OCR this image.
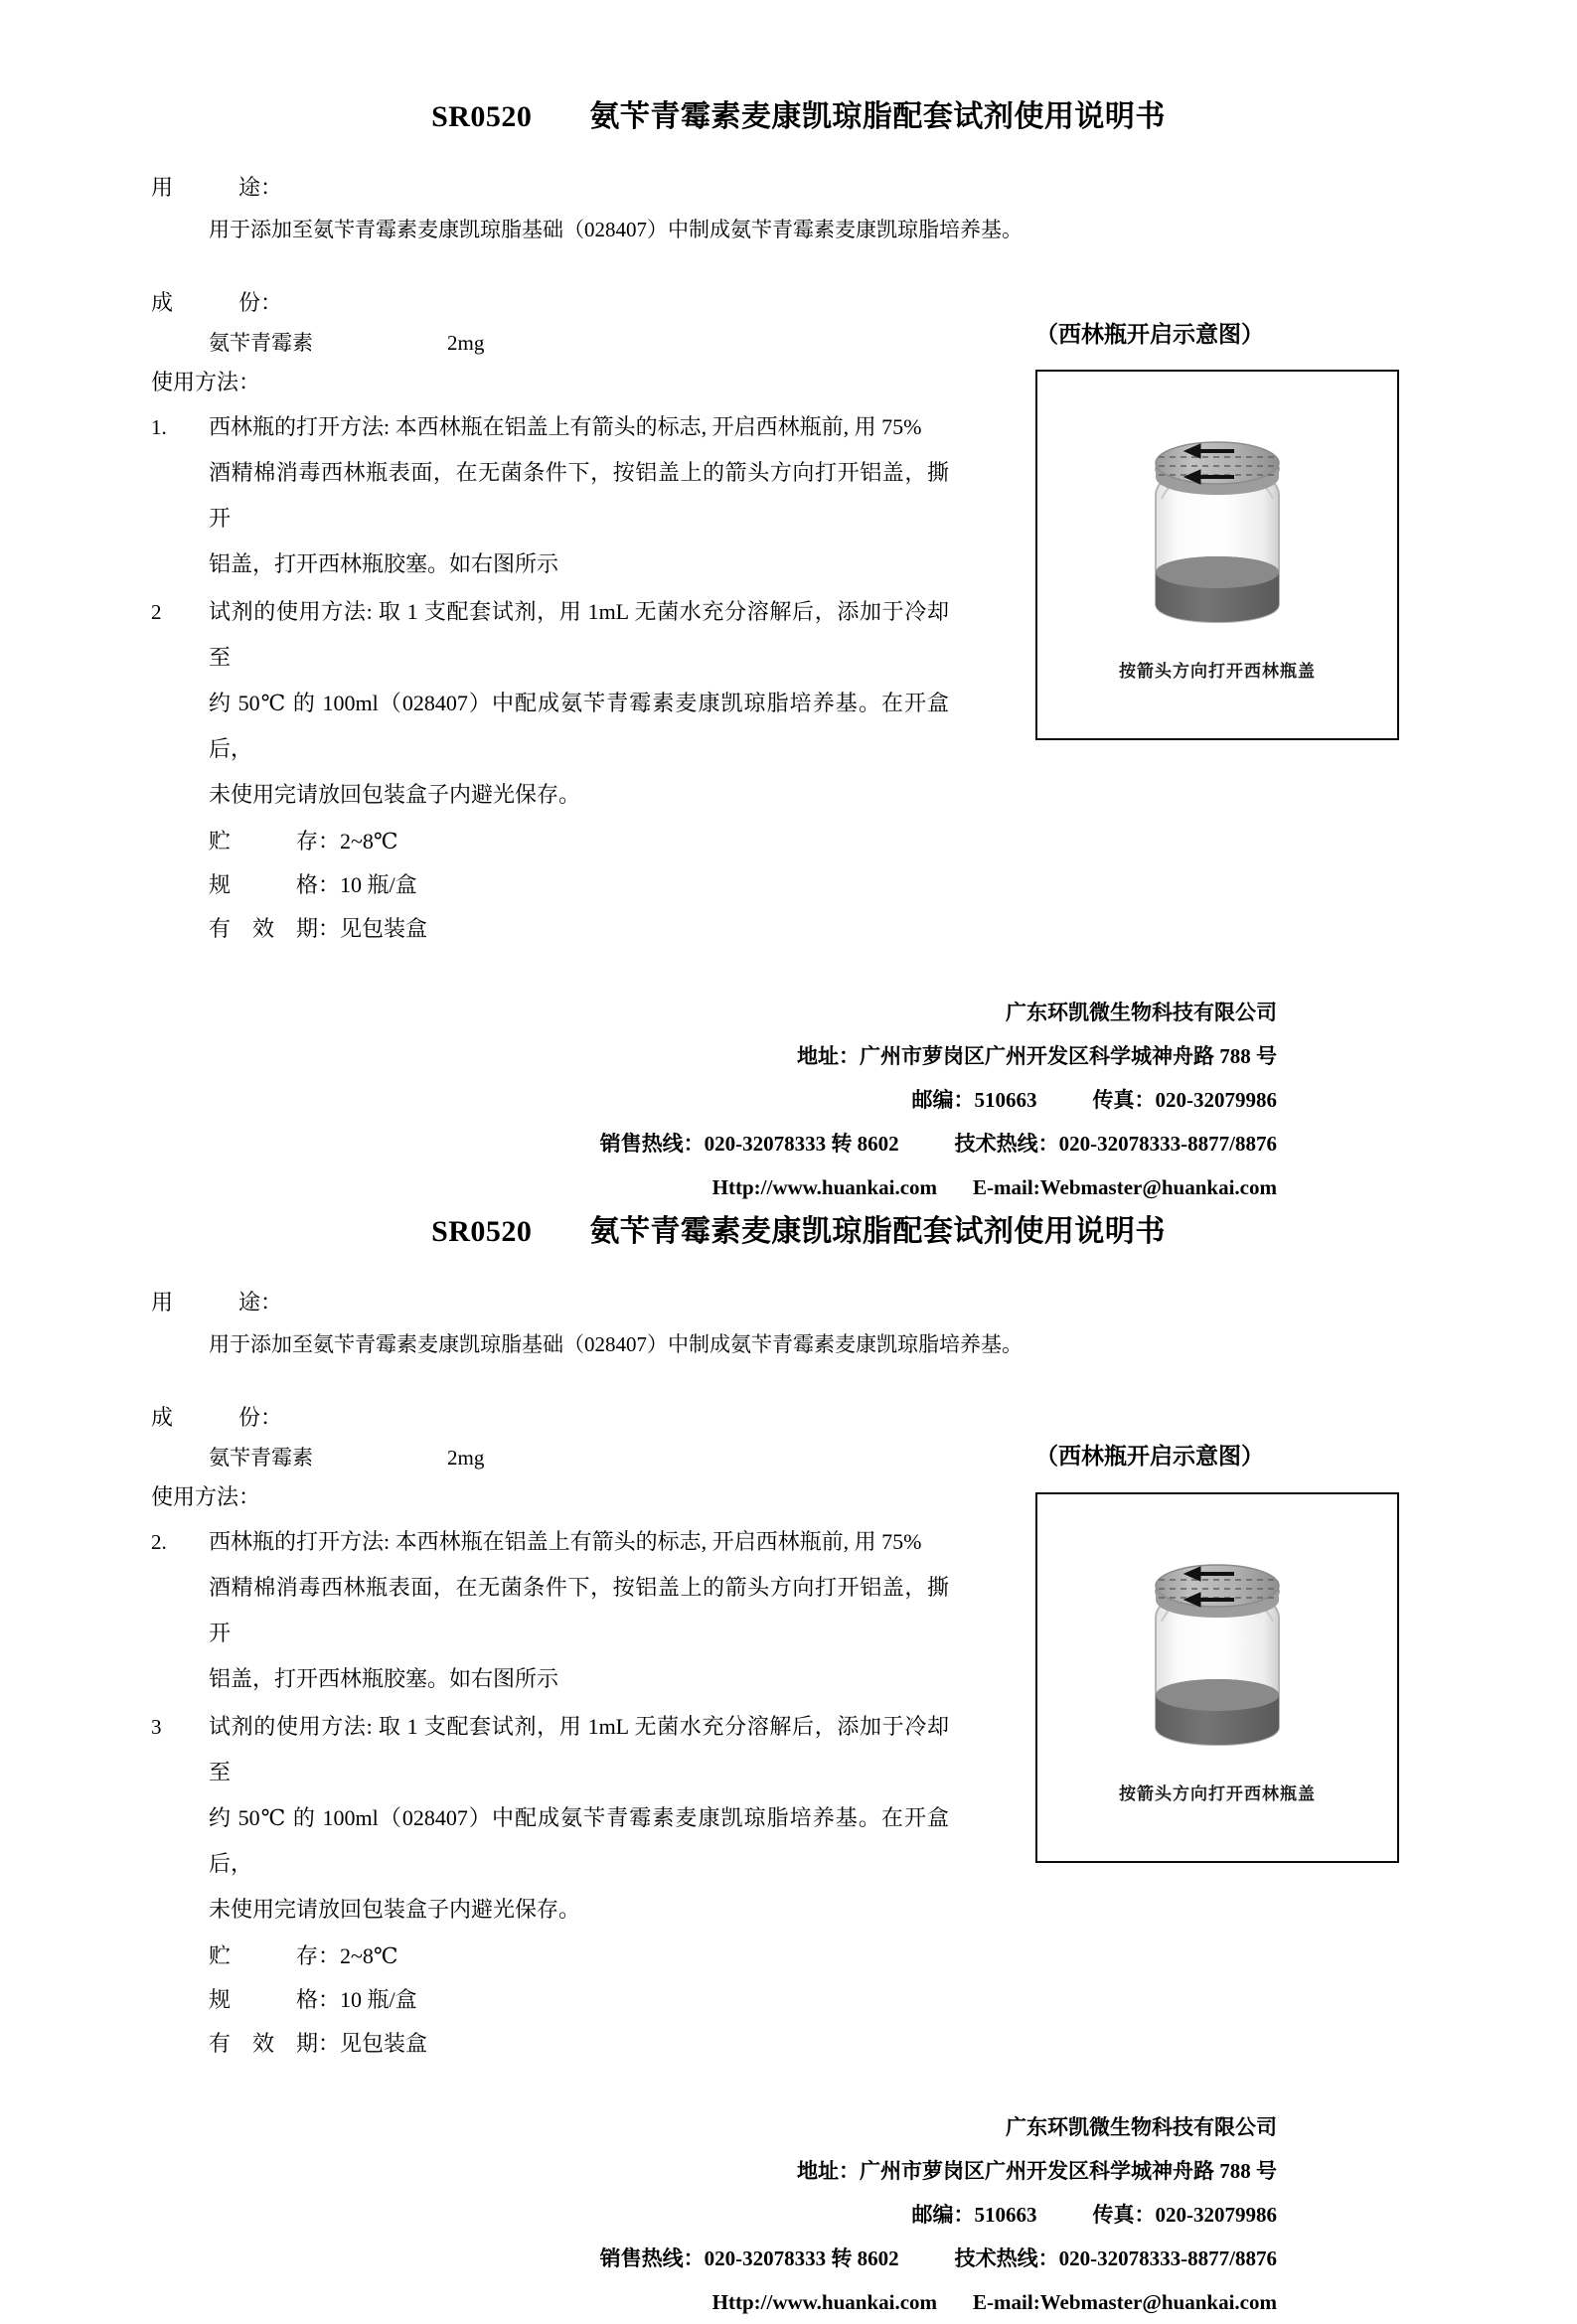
SR0520 氨苄青霉素麦康凯琼脂配套试剂使用说明书
用　　　途：
用于添加至氨苄青霉素麦康凯琼脂基础（028407）中制成氨苄青霉素麦康凯琼脂培养基。
成　　　份：
氨苄青霉素	2mg
使用方法：
1.	西林瓶的打开方法: 本西林瓶在铝盖上有箭头的标志, 开启西林瓶前, 用 75%
酒精棉消毒西林瓶表面，在无菌条件下，按铝盖上的箭头方向打开铝盖，撕开
铝盖，打开西林瓶胶塞。如右图所示
2	试剂的使用方法: 取 1 支配套试剂，用 1mL 无菌水充分溶解后，添加于冷却至
约 50℃ 的 100ml（028407）中配成氨苄青霉素麦康凯琼脂培养基。在开盒后，
未使用完请放回包装盒子内避光保存。
贮　　　存：2~8℃
规　　　格：10 瓶/盒
有　效　期：见包装盒
广东环凯微生物科技有限公司
地址：广州市萝岗区广州开发区科学城神舟路 788 号
邮编：510663	传真：020-32079986
销售热线：020-32078333 转 8602	技术热线：020-32078333-8877/8876
Http://www.huankai.com E-mail:Webmaster@huankai.com
（西林瓶开启示意图）
按箭头方向打开西林瓶盖
SR0520 氨苄青霉素麦康凯琼脂配套试剂使用说明书
用　　　途：
用于添加至氨苄青霉素麦康凯琼脂基础（028407）中制成氨苄青霉素麦康凯琼脂培养基。
成　　　份：
氨苄青霉素	2mg
使用方法：
2.	西林瓶的打开方法: 本西林瓶在铝盖上有箭头的标志, 开启西林瓶前, 用 75%
酒精棉消毒西林瓶表面，在无菌条件下，按铝盖上的箭头方向打开铝盖，撕开
铝盖，打开西林瓶胶塞。如右图所示
3	试剂的使用方法: 取 1 支配套试剂，用 1mL 无菌水充分溶解后，添加于冷却至
约 50℃ 的 100ml（028407）中配成氨苄青霉素麦康凯琼脂培养基。在开盒后，
未使用完请放回包装盒子内避光保存。
贮　　　存：2~8℃
规　　　格：10 瓶/盒
有　效　期：见包装盒
广东环凯微生物科技有限公司
地址：广州市萝岗区广州开发区科学城神舟路 788 号
邮编：510663	传真：020-32079986
销售热线：020-32078333 转 8602	技术热线：020-32078333-8877/8876
Http://www.huankai.com E-mail:Webmaster@huankai.com
（西林瓶开启示意图）
按箭头方向打开西林瓶盖
